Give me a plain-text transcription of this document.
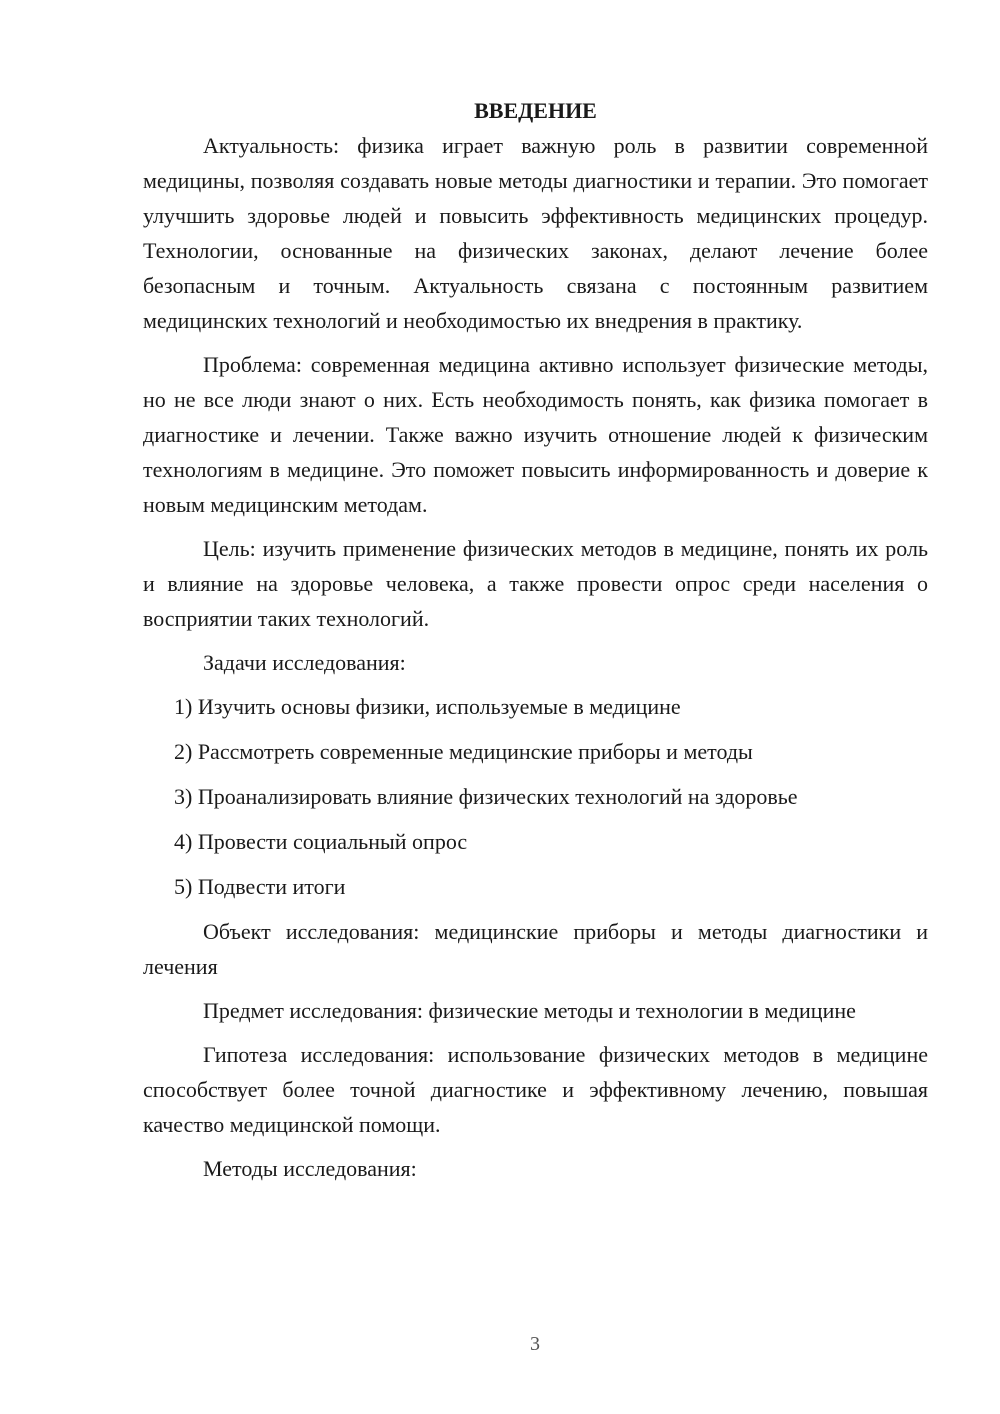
ВВЕДЕНИЕ

Актуальность: физика играет важную роль в развитии современной медицины, позволяя создавать новые методы диагностики и терапии. Это помогает улучшить здоровье людей и повысить эффективность медицинских процедур. Технологии, основанные на физических законах, делают лечение более безопасным и точным. Актуальность связана с постоянным развитием медицинских технологий и необходимостью их внедрения в практику.

Проблема: современная медицина активно использует физические методы, но не все люди знают о них. Есть необходимость понять, как физика помогает в диагностике и лечении. Также важно изучить отношение людей к физическим технологиям в медицине. Это поможет повысить информированность и доверие к новым медицинским методам.

Цель: изучить применение физических методов в медицине, понять их роль и влияние на здоровье человека, а также провести опрос среди населения о восприятии таких технологий.

Задачи исследования:

1) Изучить основы физики, используемые в медицине
2) Рассмотреть современные медицинские приборы и методы
3) Проанализировать влияние физических технологий на здоровье
4) Провести социальный опрос
5) Подвести итоги

Объект исследования: медицинские приборы и методы диагностики и лечения

Предмет исследования: физические методы и технологии в медицине

Гипотеза исследования: использование физических методов в медицине способствует более точной диагностике и эффективному лечению, повышая качество медицинской помощи.

Методы исследования:

3
